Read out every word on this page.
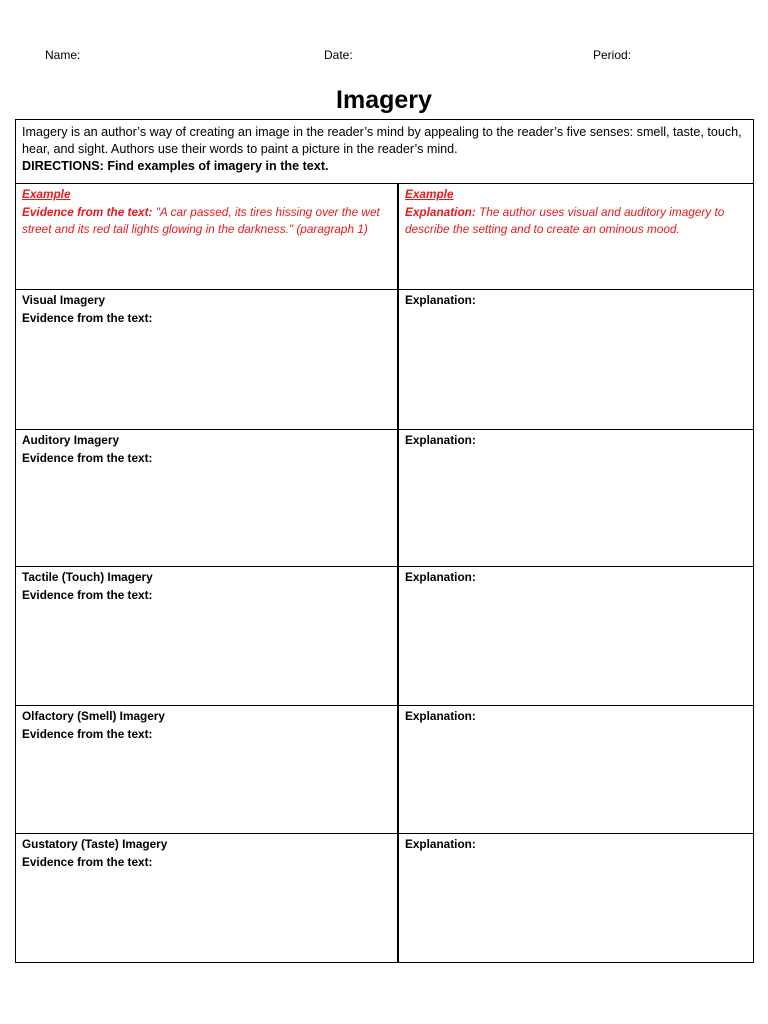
Name:	Date:	Period:
Imagery
Imagery is an author’s way of creating an image in the reader’s mind by appealing to the reader’s five senses: smell, taste, touch, hear, and sight. Authors use their words to paint a picture in the reader’s mind.
DIRECTIONS: Find examples of imagery in the text.
Example
Evidence from the text: "A car passed, its tires hissing over the wet street and its red tail lights glowing in the darkness." (paragraph 1)
Example
Explanation: The author uses visual and auditory imagery to describe the setting and to create an ominous mood.
Visual Imagery
Evidence from the text:
Explanation:
Auditory Imagery
Evidence from the text:
Explanation:
Tactile (Touch) Imagery
Evidence from the text:
Explanation:
Olfactory (Smell) Imagery
Evidence from the text:
Explanation:
Gustatory (Taste) Imagery
Evidence from the text:
Explanation:
